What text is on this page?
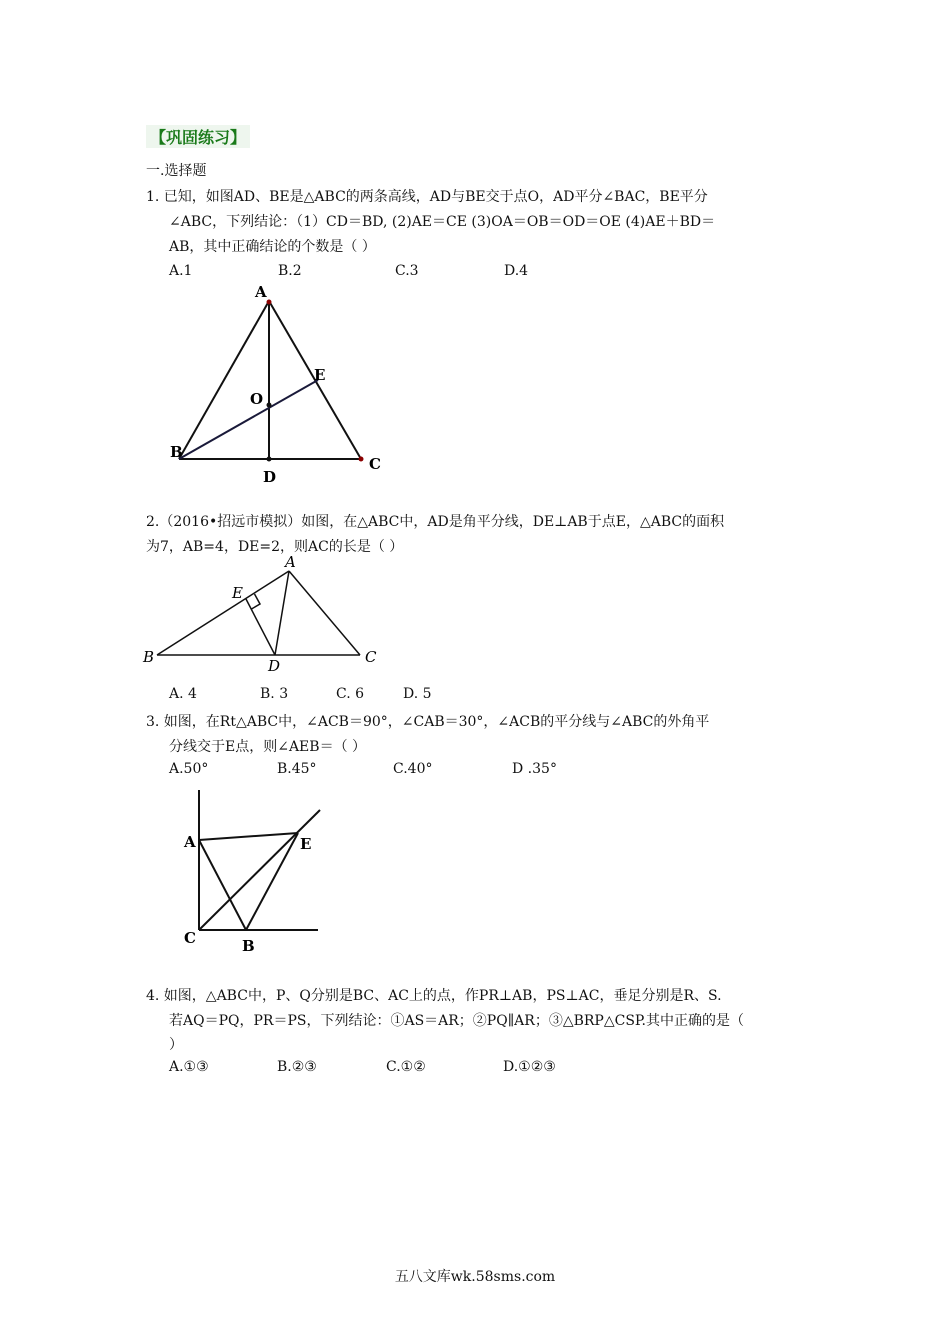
【巩固练习】
一.选择题
1. 已知，如图AD、BE是△ABC的两条高线，AD与BE交于点O，AD平分∠BAC，BE平分
∠ABC，下列结论：（1）CD＝BD, (2)AE＝CE (3)OA＝OB＝OD＝OE (4)AE＋BD＝
AB，其中正确结论的个数是（ ）
A.1	B.2	C.3	D.4
A
B
C
D
E
O
2.（2016•招远市模拟）如图，在△ABC中，AD是角平分线，DE⊥AB于点E，△ABC的面积
为7，AB=4，DE=2，则AC的长是（ ）
A
B	C
D
E
A. 4	B. 3	C. 6	D. 5
3. 如图，在Rt△ABC中，∠ACB＝90°，∠CAB＝30°，∠ACB的平分线与∠ABC的外角平
分线交于E点，则∠AEB＝（ ）
A.50°	B.45°	C.40°	D .35°
A
B
C
E
4. 如图，△ABC中，P、Q分别是BC、AC上的点，作PR⊥AB，PS⊥AC，垂足分别是R、S.
若AQ＝PQ，PR＝PS，下列结论：①AS＝AR；②PQ∥AR；③△BRP△CSP.其中正确的是（
）
A.①③	B.②③	C.①②	D.①②③
五八文库wk.58sms.com
